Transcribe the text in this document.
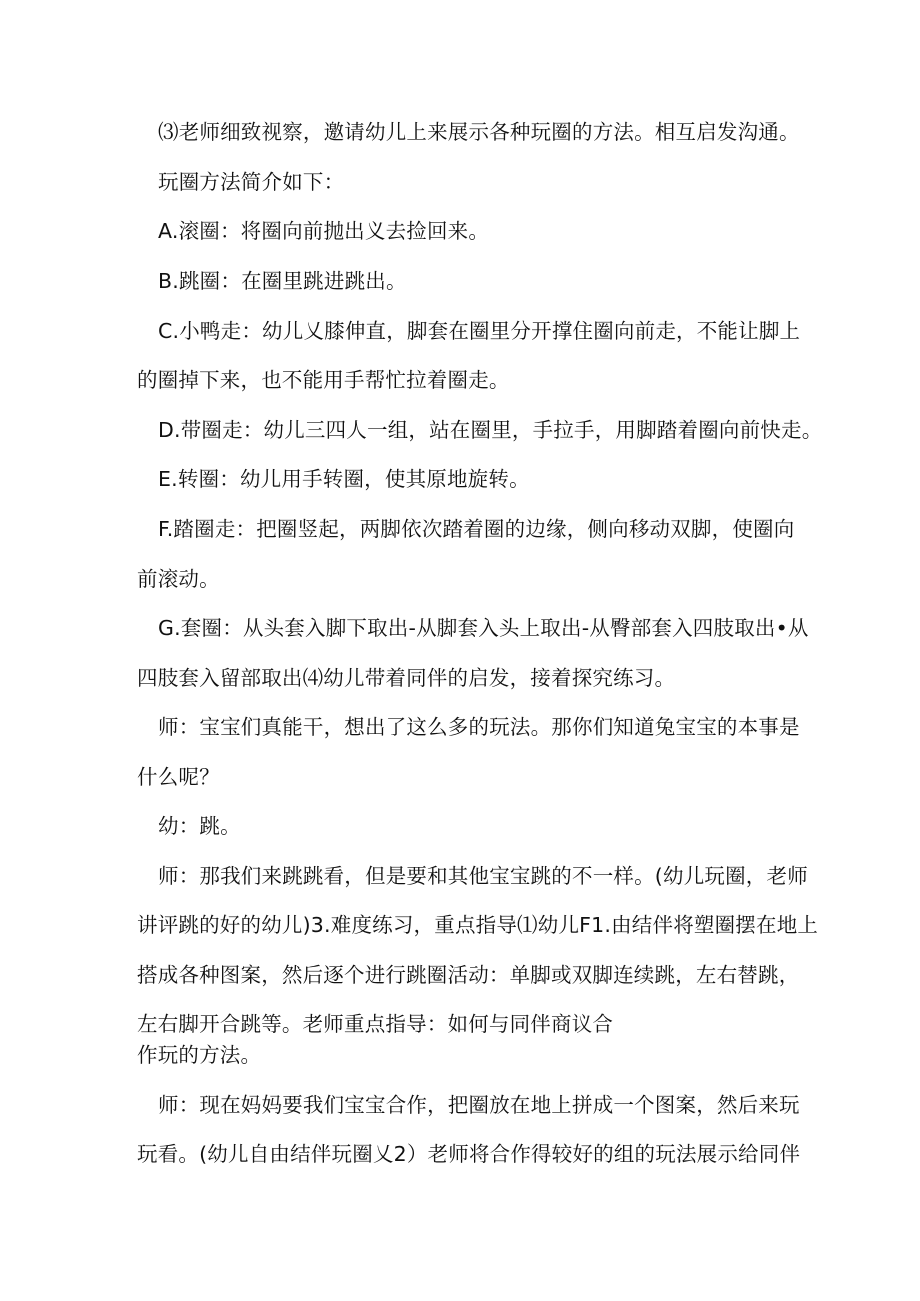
⑶老师细致视察，邀请幼儿上来展示各种玩圈的方法。相互启发沟通。
玩圈方法简介如下：
A.滚圈：将圈向前抛出义去捡回来。
B.跳圈：在圈里跳进跳出。
C.小鸭走：幼儿乂膝伸直，脚套在圈里分开撑住圈向前走，不能让脚上
的圈掉下来，也不能用手帮忙拉着圈走。
D.带圈走：幼儿三四人一组，站在圈里，手拉手，用脚踏着圈向前快走。
E.转圈：幼儿用手转圈，使其原地旋转。
F.踏圈走：把圈竖起，两脚依次踏着圈的边缘，侧向移动双脚，使圈向
前滚动。
G.套圈：从头套入脚下取出-从脚套入头上取出-从臀部套入四肢取出•从
四肢套入留部取出⑷幼儿带着同伴的启发，接着探究练习。
师：宝宝们真能干，想出了这么多的玩法。那你们知道兔宝宝的本事是
什么呢？
幼：跳。
师：那我们来跳跳看，但是要和其他宝宝跳的不一样。(幼儿玩圈，老师
讲评跳的好的幼儿)3.难度练习，重点指导⑴幼儿F1.由结伴将塑圈摆在地上
搭成各种图案，然后逐个进行跳圈活动：单脚或双脚连续跳，左右替跳，
左右脚开合跳等。老师重点指导：如何与同伴商议合
作玩的方法。
师：现在妈妈要我们宝宝合作，把圈放在地上拼成一个图案，然后来玩
玩看。(幼儿自由结伴玩圈乂2）老师将合作得较好的组的玩法展示给同伴
